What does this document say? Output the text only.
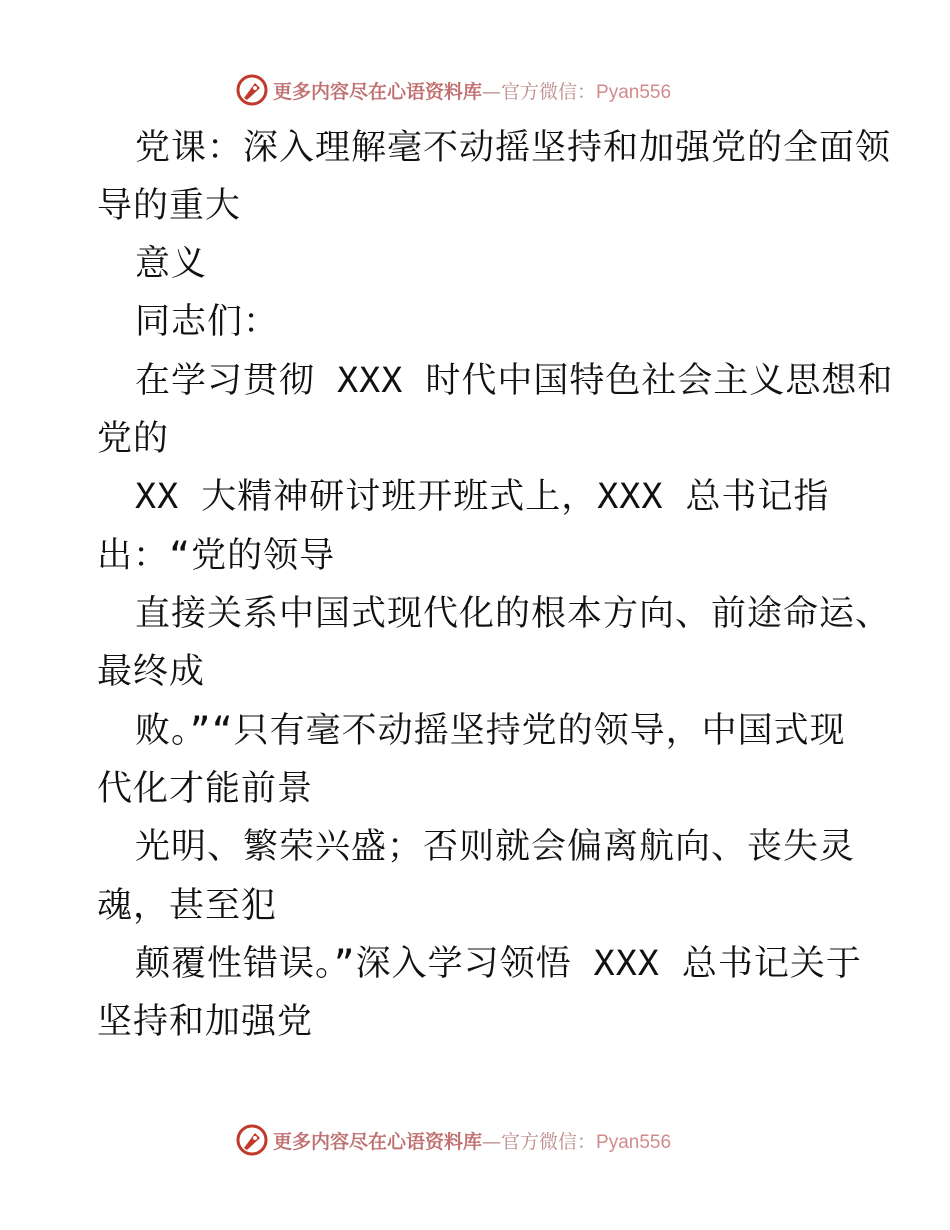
更多内容尽在心语资料库—官方微信：Pyan556
党课：深入理解毫不动摇坚持和加强党的全面领
导的重大
意义
同志们：
在学习贯彻 XXX 时代中国特色社会主义思想和
党的
XX 大精神研讨班开班式上，XXX 总书记指
出：“党的领导
直接关系中国式现代化的根本方向、前途命运、
最终成
败。”“只有毫不动摇坚持党的领导，中国式现
代化才能前景
光明、繁荣兴盛；否则就会偏离航向、丧失灵
魂，甚至犯
颠覆性错误。”深入学习领悟 XXX 总书记关于
坚持和加强党
更多内容尽在心语资料库—官方微信：Pyan556
